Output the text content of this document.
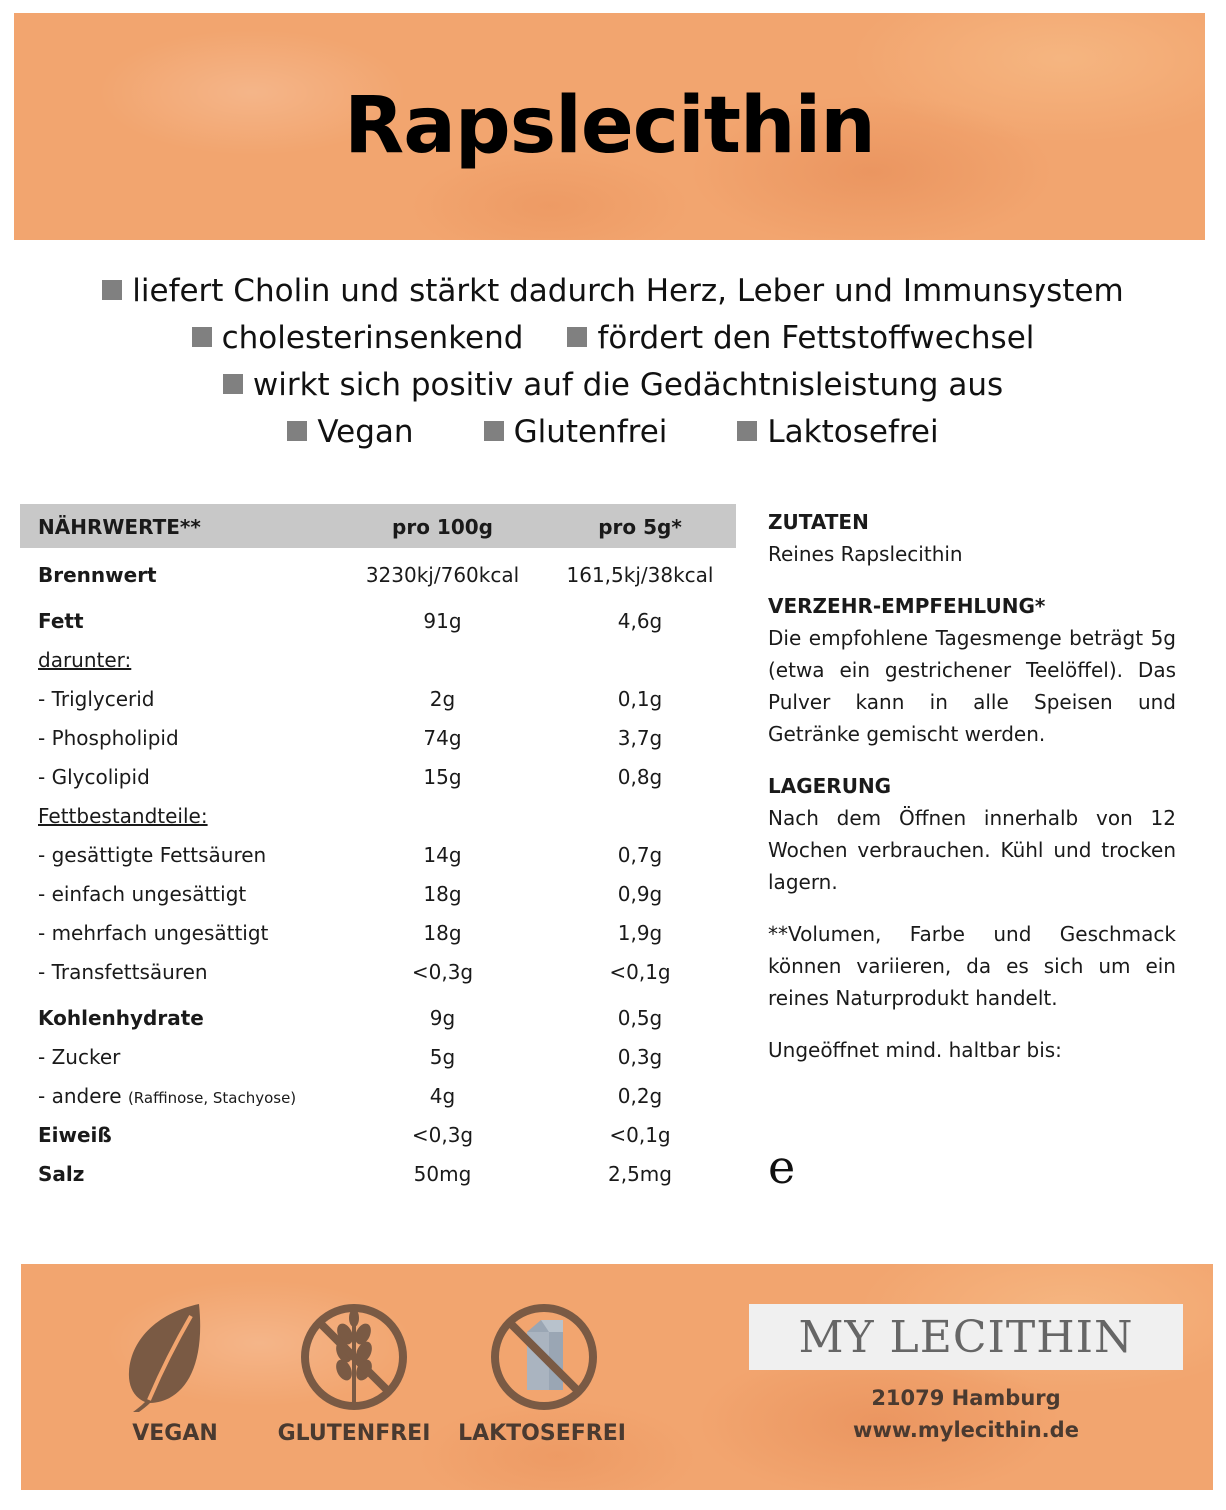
Rapslecithin
liefert Cholin und stärkt dadurch Herz, Leber und Immunsystem
cholesterinsenkend fördert den Fettstoffwechsel
wirkt sich positiv auf die Gedächtnisleistung aus
Vegan	Glutenfrei	Laktosefrei
NÄHRWERTE**	pro 100g	pro 5g*
Brennwert	3230kj/760kcal	161,5kj/38kcal
Fett	91g	4,6g
darunter:
- Triglycerid	2g	0,1g
- Phospholipid	74g	3,7g
- Glycolipid	15g	0,8g
Fettbestandteile:
- gesättigte Fettsäuren	14g	0,7g
- einfach ungesättigt	18g	0,9g
- mehrfach ungesättigt	18g	1,9g
- Transfettsäuren	<0,3g	<0,1g
Kohlenhydrate	9g	0,5g
- Zucker	5g	0,3g
- andere (Raffinose, Stachyose)	4g	0,2g
Eiweiß	<0,3g	<0,1g
Salz	50mg	2,5mg
ZUTATEN
Reines Rapslecithin
VERZEHR-EMPFEHLUNG*
Die empfohlene Tagesmenge beträgt 5g (etwa ein gestrichener Teelöffel). Das Pulver kann in alle Speisen und Getränke gemischt werden.
LAGERUNG
Nach dem Öffnen innerhalb von 12 Wochen verbrauchen. Kühl und trocken lagern.
**Volumen, Farbe und Geschmack können variieren, da es sich um ein reines Naturprodukt handelt.
Ungeöffnet mind. haltbar bis:
e
VEGAN	GLUTENFREI	LAKTOSEFREI
MY LECITHIN
21079 Hamburg
www.mylecithin.de
